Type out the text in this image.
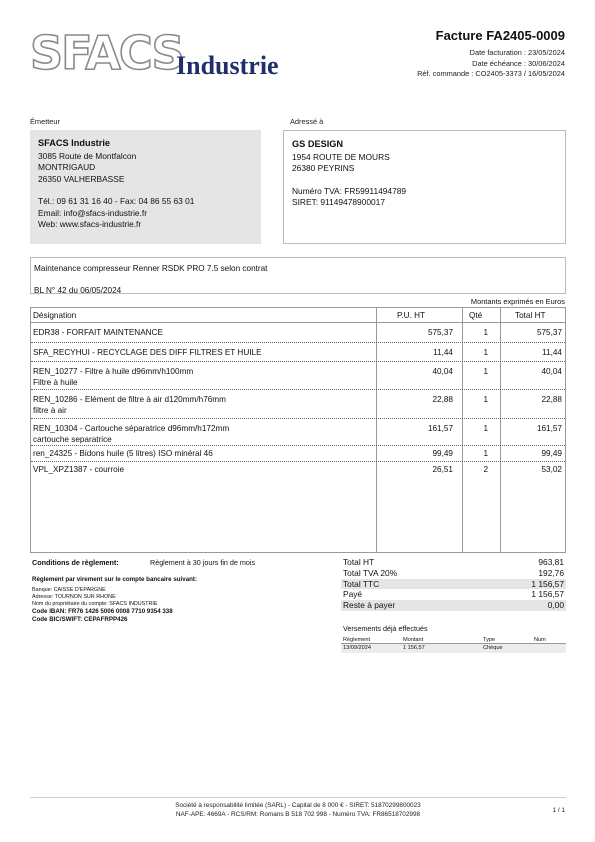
SFACS
Industrie
Facture FA2405-0009
Date facturation : 23/05/2024
Date échéance : 30/06/2024
Réf. commande : CO2405-3373 / 16/05/2024
Émetteur
SFACS Industrie
3085 Route de Montfalcon
MONTRIGAUD
26350 VALHERBASSE
Tél.: 09 61 31 16 40 - Fax: 04 86 55 63 01
Email: info@sfacs-industrie.fr
Web: www.sfacs-industrie.fr
Adressé à
GS DESIGN
1954 ROUTE DE MOURS
26380 PEYRINS
Numéro TVA: FR59911494789
SIRET: 91149478900017
Maintenance compresseur Renner RSDK PRO 7.5 selon contrat
BL N° 42 du 06/05/2024
Montants exprimés en Euros
Désignation	P.U. HT	Qté	Total HT
EDR38 - FORFAIT MAINTENANCE	575,37	1	575,37
SFA_RECYHUI - RECYCLAGE DES DIFF FILTRES ET HUILE	11,44	1	11,44
REN_10277 - Filtre à huile d96mm/h100mm
Filtre à huile
40,04	1	40,04
REN_10286 - Elément de filtre à air d120mm/h76mm
filtre à air
22,88	1	22,88
REN_10304 - Cartouche séparatrice d96mm/h172mm
cartouche separatrice
161,57	1	161,57
ren_24325 - Bidons huile (5 litres) ISO minéral 46	99,49	1	99,49
VPL_XPZ1387 - courroie	26,51	2	53,02
Conditions de règlement:	Règlement à 30 jours fin de mois
Règlement par virement sur le compte bancaire suivant:
Banque: CAISSE D'EPARGNE
Adresse: TOURNON SUR RHONE
Nom du propriétaire du compte: SFACS INDUSTRIE
Code IBAN: FR76 1426 5006 0008 7710 9354 338
Code BIC/SWIFT: CEPAFRPP426
Total HT	963,81
Total TVA 20%	192,76
Total TTC	1 156,57
Payé	1 156,57
Reste à payer	0,00
Versements déjà effectués
Règlement	Montant	Type	Num
13/09/2024	1 156,57	Chèque
Société à responsabilité limitée (SARL) - Capital de 8 000 € - SIRET: 51870299800023
NAF-APE: 4669A - RCS/RM: Romans B 518 702 998 - Numéro TVA: FR86518702998
1 / 1
